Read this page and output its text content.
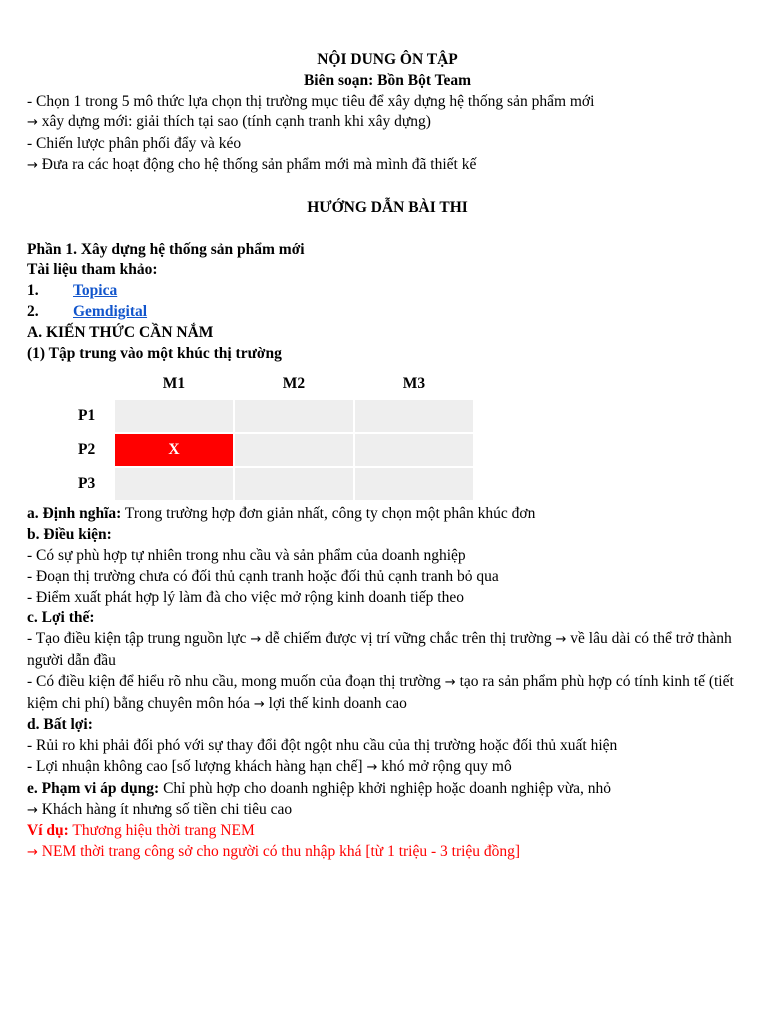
NỘI DUNG ÔN TẬP

Biên soạn: Bồn Bột Team

- Chọn 1 trong 5 mô thức lựa chọn thị trường mục tiêu để xây dựng hệ thống sản phẩm mới

→ xây dựng mới: giải thích tại sao (tính cạnh tranh khi xây dựng)

- Chiến lược phân phối đẩy và kéo

→ Đưa ra các hoạt động cho hệ thống sản phẩm mới mà mình đã thiết kế

HƯỚNG DẪN BÀI THI

Phần 1. Xây dựng hệ thống sản phẩm mới

Tài liệu tham khảo:

1.	Topica
2.	Gemdigital

A. KIẾN THỨC CẦN NẮM

(1) Tập trung vào một khúc thị trường

	M1	M2	M3
P1			
P2	X		
P3			

a. Định nghĩa: Trong trường hợp đơn giản nhất, công ty chọn một phân khúc đơn

b. Điều kiện:

- Có sự phù hợp tự nhiên trong nhu cầu và sản phẩm của doanh nghiệp

- Đoạn thị trường chưa có đối thủ cạnh tranh hoặc đối thủ cạnh tranh bỏ qua

- Điểm xuất phát hợp lý làm đà cho việc mở rộng kinh doanh tiếp theo

c. Lợi thế:

- Tạo điều kiện tập trung nguồn lực → dễ chiếm được vị trí vững chắc trên thị trường → về lâu dài có thể trở thành người dẫn đầu

- Có điều kiện để hiểu rõ nhu cầu, mong muốn của đoạn thị trường → tạo ra sản phẩm phù hợp có tính kinh tế (tiết kiệm chi phí) bằng chuyên môn hóa → lợi thế kinh doanh cao

d. Bất lợi:

- Rủi ro khi phải đối phó với sự thay đổi đột ngột nhu cầu của thị trường hoặc đối thủ xuất hiện

- Lợi nhuận không cao [số lượng khách hàng hạn chế] → khó mở rộng quy mô

e. Phạm vi áp dụng: Chỉ phù hợp cho doanh nghiệp khởi nghiệp hoặc doanh nghiệp vừa, nhỏ

→ Khách hàng ít nhưng số tiền chi tiêu cao

Ví dụ: Thương hiệu thời trang NEM

→ NEM thời trang công sở cho người có thu nhập khá [từ 1 triệu - 3 triệu đồng]
